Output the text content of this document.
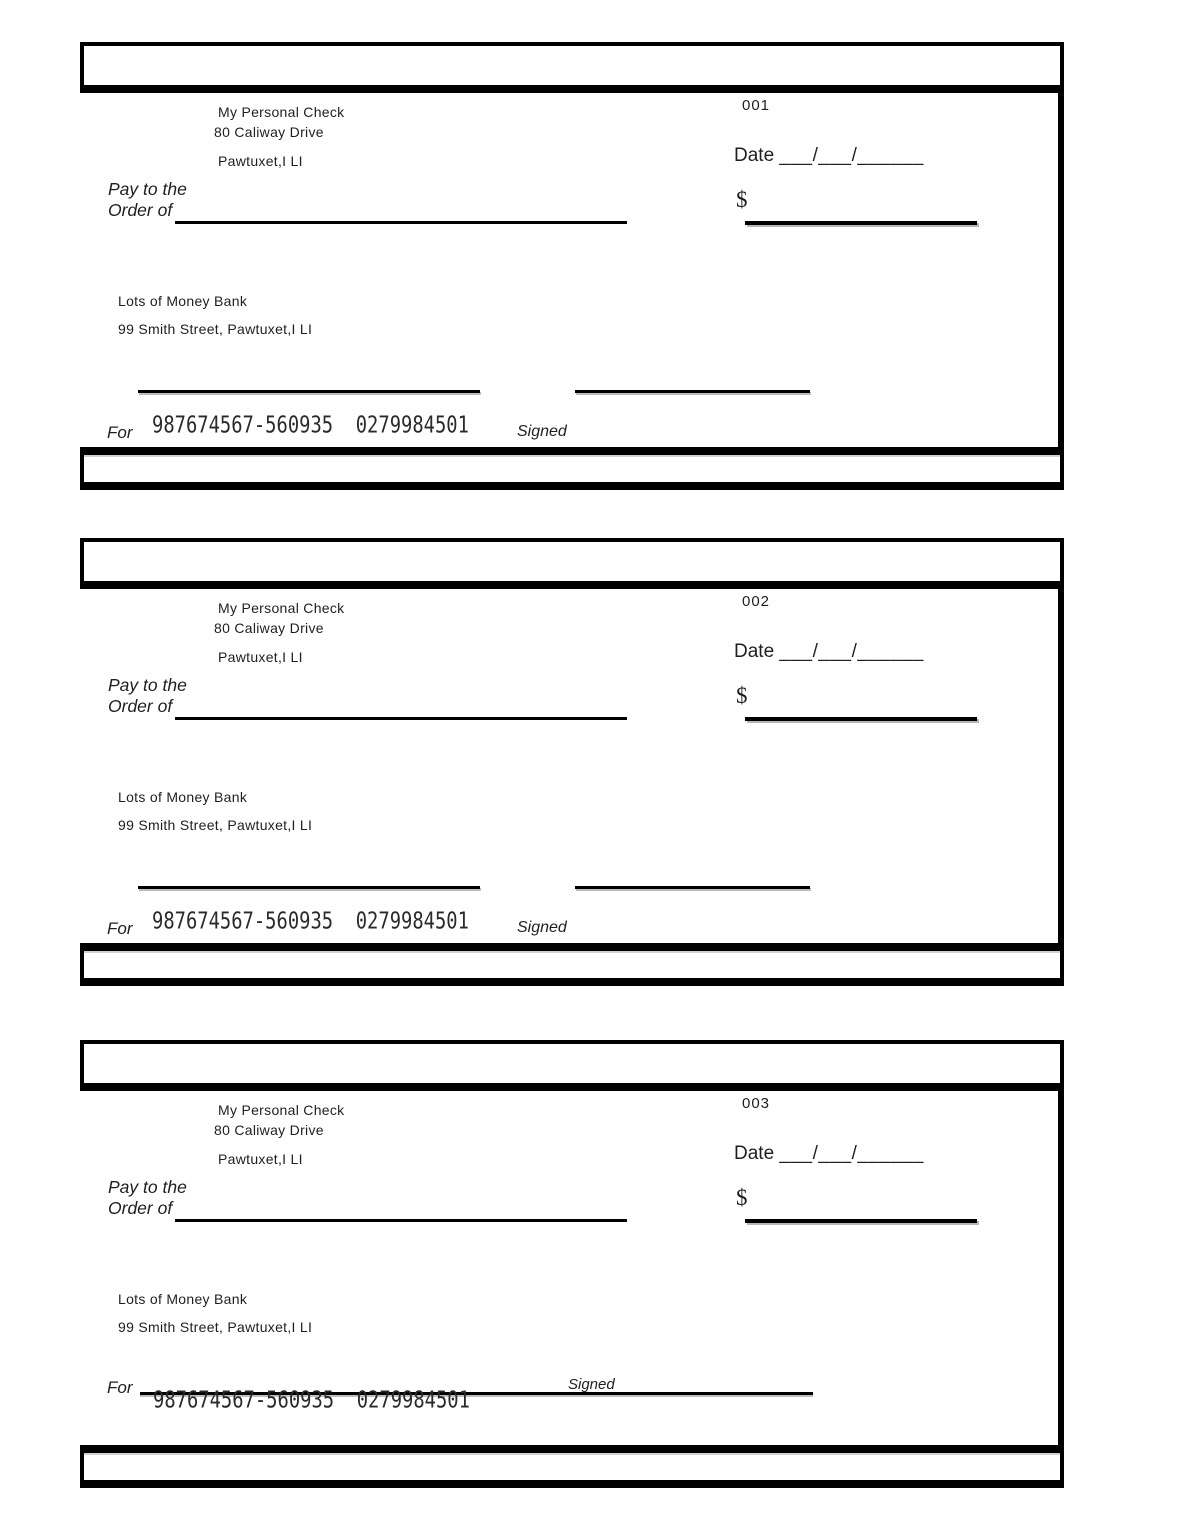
My Personal Check
80 Caliway Drive
Pawtuxet,I LI
001
Date ___/___/______
Pay to the
Order of	$
Lots of Money Bank
99 Smith Street, Pawtuxet,I LI
For 987674567-560935  0279984501	Signed
My Personal Check
80 Caliway Drive
Pawtuxet,I LI
002
Date ___/___/______
Pay to the
Order of	$
Lots of Money Bank
99 Smith Street, Pawtuxet,I LI
For 987674567-560935  0279984501	Signed
My Personal Check
80 Caliway Drive
Pawtuxet,I LI
003
Date ___/___/______
Pay to the
Order of	$
Lots of Money Bank
99 Smith Street, Pawtuxet,I LI
For 987674567-560935  0279984501
Signed
